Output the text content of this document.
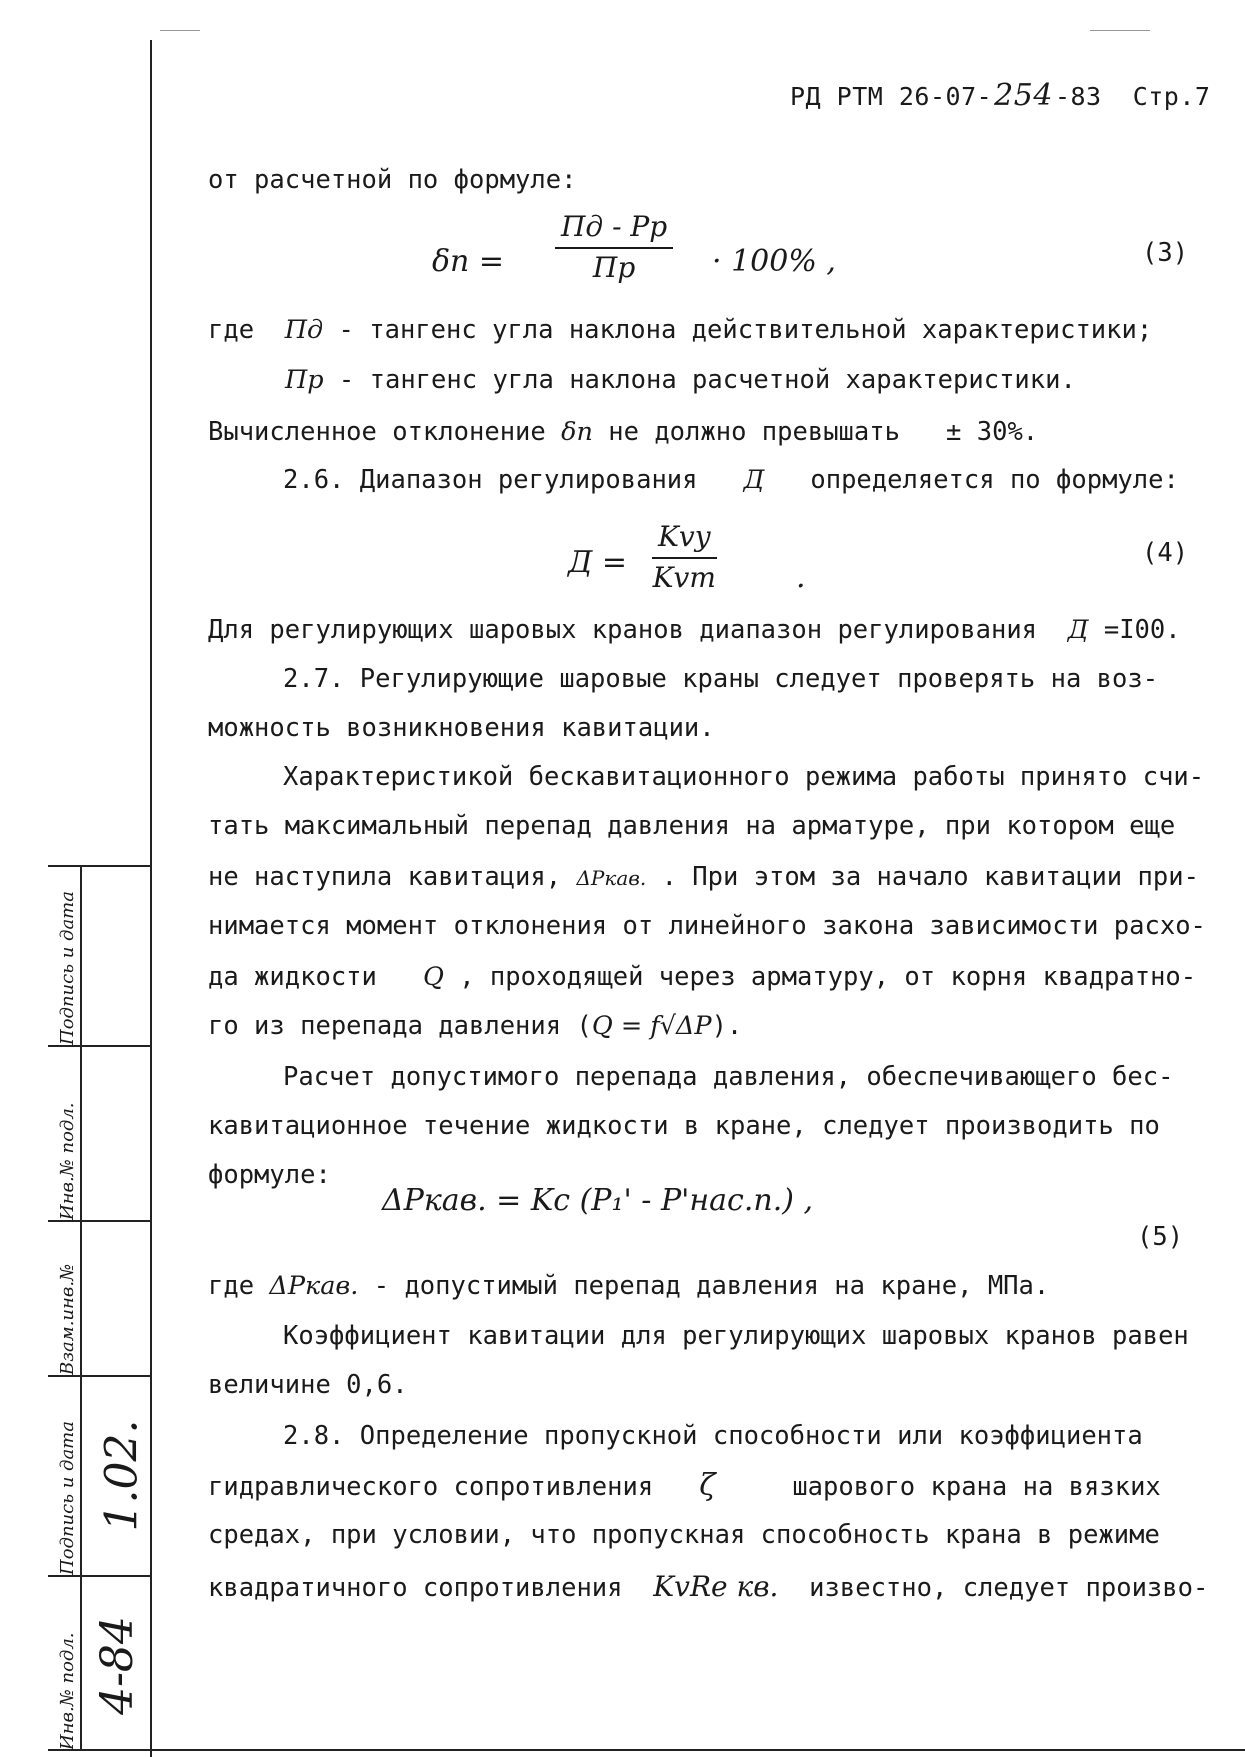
РД РТМ 26-07-254-83 Стр.7
от расчетной по формуле:
δп =
Пд - Рр
Пр	· 100% ,	(3)
где Пд - тангенс угла наклона действительной характеристики;
Пр - тангенс угла наклона расчетной характеристики.
Вычисленное отклонение δп не должно превышать ± 30%.
2.6. Диапазон регулирования Д определяется по формуле:
Д =
Kvy
Kvт	.
(4)
Для регулирующих шаровых кранов диапазон регулирования Д =I00.
2.7. Регулирующие шаровые краны следует проверять на воз-
можность возникновения кавитации.
Характеристикой бескавитационного режима работы принято счи-
тать максимальный перепад давления на арматуре, при котором еще
не наступила кавитация, ΔPкав. . При этом за начало кавитации при-
нимается момент отклонения от линейного закона зависимости расхо-
да жидкости Q , проходящей через арматуру, от корня квадратно-
го из перепада давления (Q = f√ΔP).
Расчет допустимого перепада давления, обеспечивающего бес-
кавитационное течение жидкости в кране, следует производить по
формуле:
ΔPкав. = Kc (P₁' - P'нас.п.) ,
(5)
где ΔPкав. - допустимый перепад давления на кране, МПа.
Коэффициент кавитации для регулирующих шаровых кранов равен
величине 0,6.
2.8. Определение пропускной способности или коэффициента
гидравлического сопротивления ζ	шарового крана на вязких
средах, при условии, что пропускная способность крана в режиме
квадратичного сопротивления KvRe кв. известно, следует произво-
Подпись и дата
Инв.№ подл.
Взам.инв.№
Подпись и дата
Инв.№ подл.
1.02.
4-84
